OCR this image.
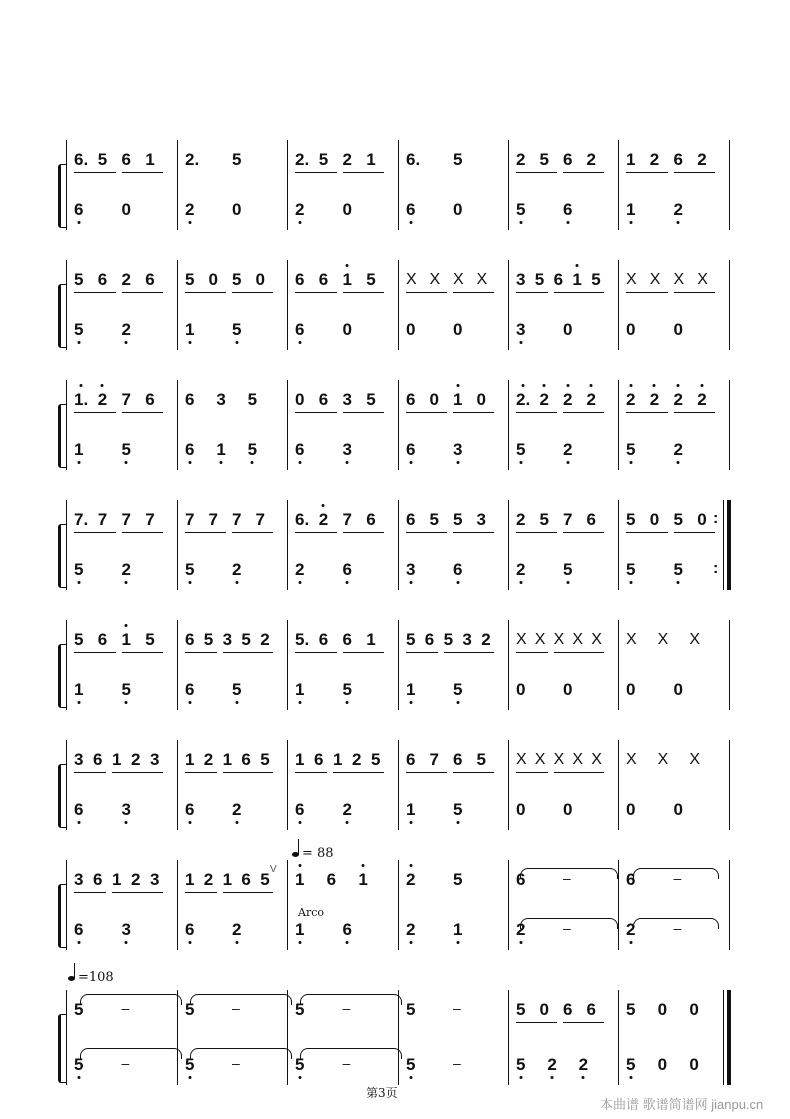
6. 5 6 1
6 0
2. 5
2 0
2. 5 2 1
2 0
6. 5
6 0
2 5 6 2
5 6
1 2 6 2
1 2
5 6 2 6
5 2
5 0 5 0
1 5
6 6 1 5
6 0
X X X X
0 0
3 5 6 1 5
3 0
X X X X
0 0
1. 2 7 6
1 5
6 3 5
6 1 5
0 6 3 5
6 3
6 0 1 0
6 3
2. 2 2 2
5 2
2 2 2 2
5 2
:
:
7. 7 7 7
5 2
7 7 7 7
5 2
6. 2 7 6
2 6
6 5 5 3
3 6
2 5 7 6
2 5
5 0 5 0
5 5
5 6 1 5
1 5
6 5 3 5 2
6 5
5. 6 6 1
1 5
5 6 5 3 2
1 5
X X X X X
0 0
X X X
0 0
3 6 1 2 3
6 3
1 2 1 6 5
6 2
1 6 1 2 5
6 2
6 7 6 5
1 5
X X X X X
0 0
X X X
0 0
3 6 1 2 3
6 3
1 2 1 6 5
6 2
1 6 1
1 6
2 5
2 1
6	–
2	–
6	–
2	–
= 88
Arco
V
5	–
5	–
5	–
5	–
5	–
5	–
5	–
5	–
5 0 6 6
5 2 2
5 0 0
5 0 0
=108
第3页
本曲谱 歌谱简谱网 jianpu.cn
